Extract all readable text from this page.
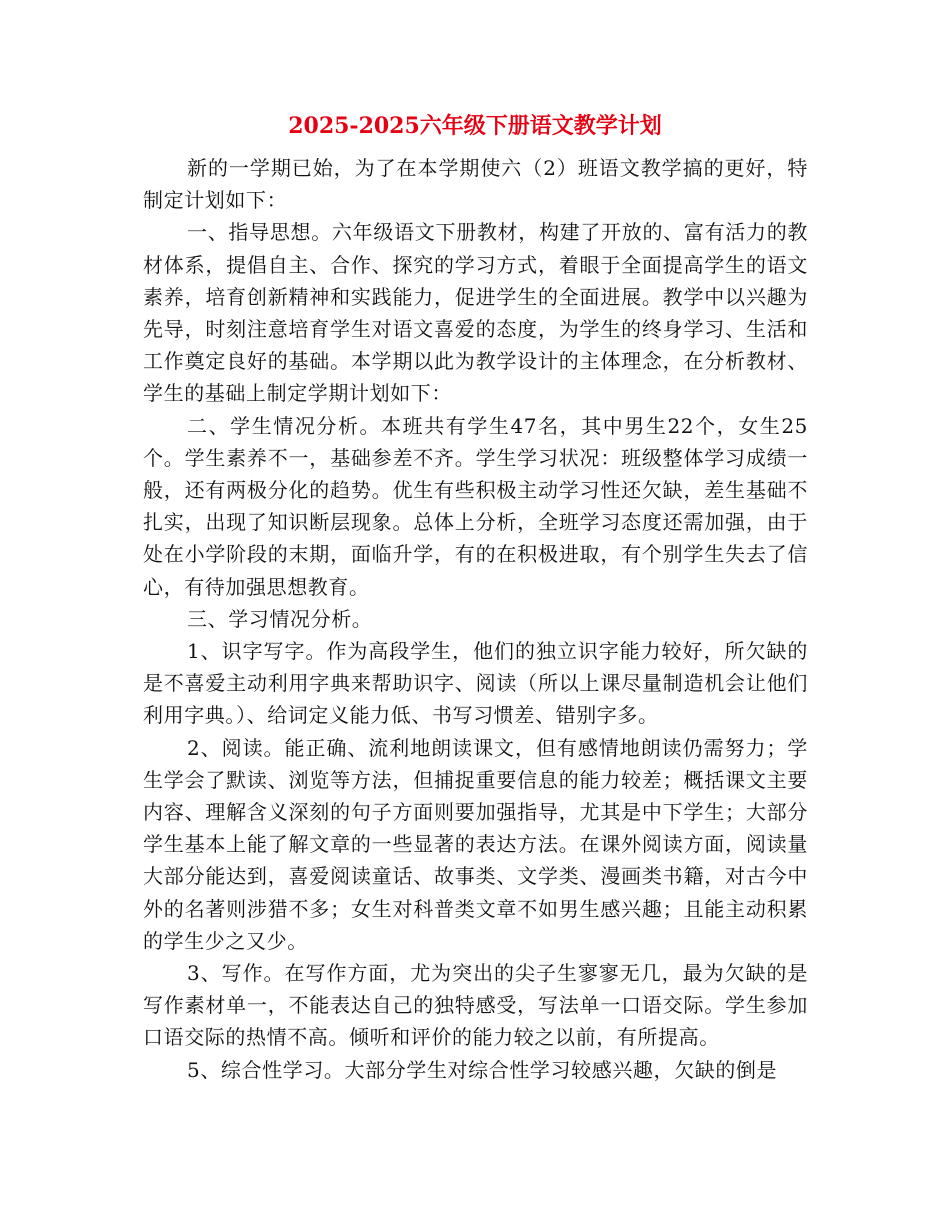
2025-2025六年级下册语文教学计划

新的一学期已始，为了在本学期使六（2）班语文教学搞的更好，特制定计划如下：

一、指导思想。六年级语文下册教材，构建了开放的、富有活力的教材体系，提倡自主、合作、探究的学习方式，着眼于全面提高学生的语文素养，培育创新精神和实践能力，促进学生的全面进展。教学中以兴趣为先导，时刻注意培育学生对语文喜爱的态度，为学生的终身学习、生活和工作奠定良好的基础。本学期以此为教学设计的主体理念，在分析教材、学生的基础上制定学期计划如下：

二、学生情况分析。本班共有学生47名，其中男生22个，女生25个。学生素养不一，基础参差不齐。学生学习状况：班级整体学习成绩一般，还有两极分化的趋势。优生有些积极主动学习性还欠缺，差生基础不扎实，出现了知识断层现象。总体上分析，全班学习态度还需加强，由于处在小学阶段的末期，面临升学，有的在积极进取，有个别学生失去了信心，有待加强思想教育。

三、学习情况分析。

1、识字写字。作为高段学生，他们的独立识字能力较好，所欠缺的是不喜爱主动利用字典来帮助识字、阅读（所以上课尽量制造机会让他们利用字典。）、给词定义能力低、书写习惯差、错别字多。

2、阅读。能正确、流利地朗读课文，但有感情地朗读仍需努力；学生学会了默读、浏览等方法，但捕捉重要信息的能力较差；概括课文主要内容、理解含义深刻的句子方面则要加强指导，尤其是中下学生；大部分学生基本上能了解文章的一些显著的表达方法。在课外阅读方面，阅读量大部分能达到，喜爱阅读童话、故事类、文学类、漫画类书籍，对古今中外的名著则涉猎不多；女生对科普类文章不如男生感兴趣；且能主动积累的学生少之又少。

3、写作。在写作方面，尤为突出的尖子生寥寥无几，最为欠缺的是写作素材单一，不能表达自己的独特感受，写法单一口语交际。学生参加口语交际的热情不高。倾听和评价的能力较之以前，有所提高。

5、综合性学习。大部分学生对综合性学习较感兴趣，欠缺的倒是
